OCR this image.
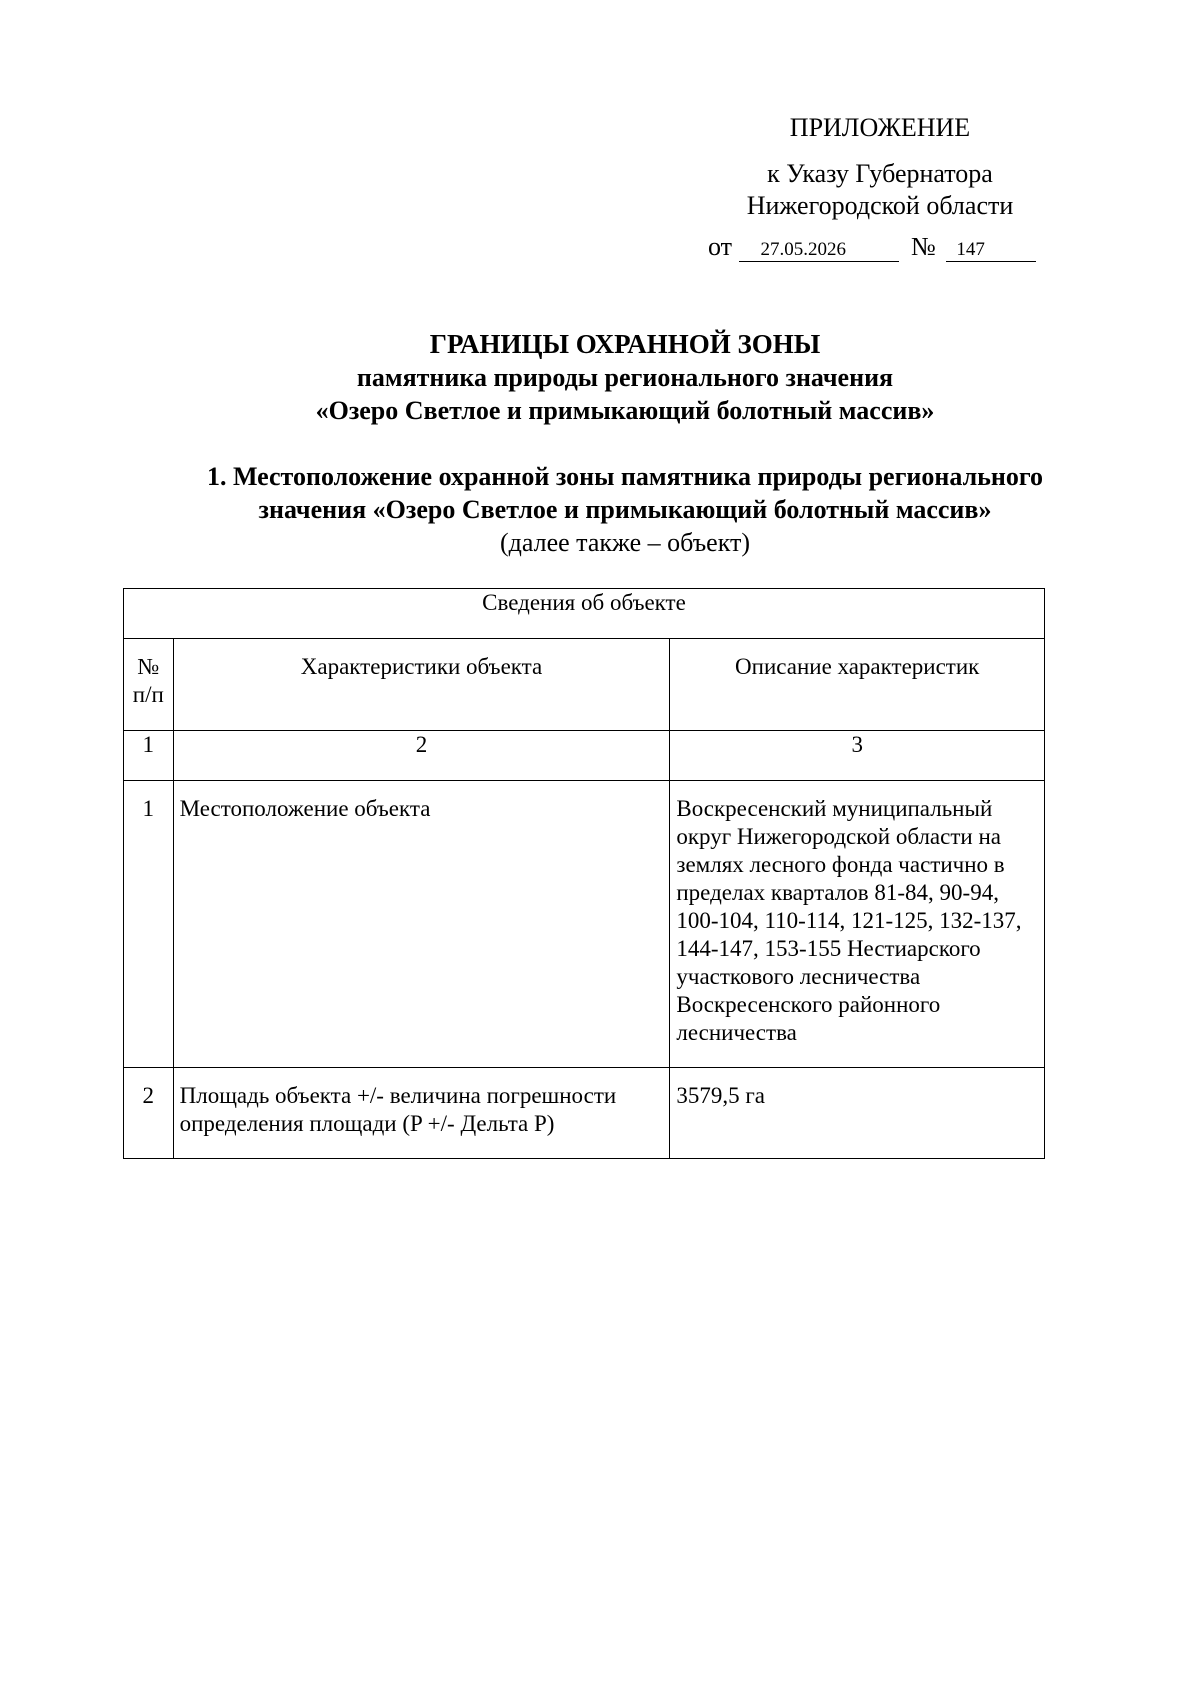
ПРИЛОЖЕНИЕ
к Указу Губернатора
Нижегородской области
от 27.05.2026	№ 147
ГРАНИЦЫ ОХРАННОЙ ЗОНЫ
памятника природы регионального значения
«Озеро Светлое и примыкающий болотный массив»
1. Местоположение охранной зоны памятника природы регионального
значения «Озеро Светлое и примыкающий болотный массив»
(далее также – объект)
Сведения об объекте		

№
п/п	Характеристики объекта	Описание характеристик
1	2	3
1	Местоположение объекта	Воскресенский муниципальный округ Нижегородской области на землях лесного фонда частично в пределах кварталов 81-84, 90-94, 100-104, 110-114, 121-125, 132-137, 144-147, 153-155 Нестиарского участкового лесничества Воскресенского районного лесничества
2	Площадь объекта +/- величина погрешности определения площади (P +/- Дельта P)	3579,5 га
